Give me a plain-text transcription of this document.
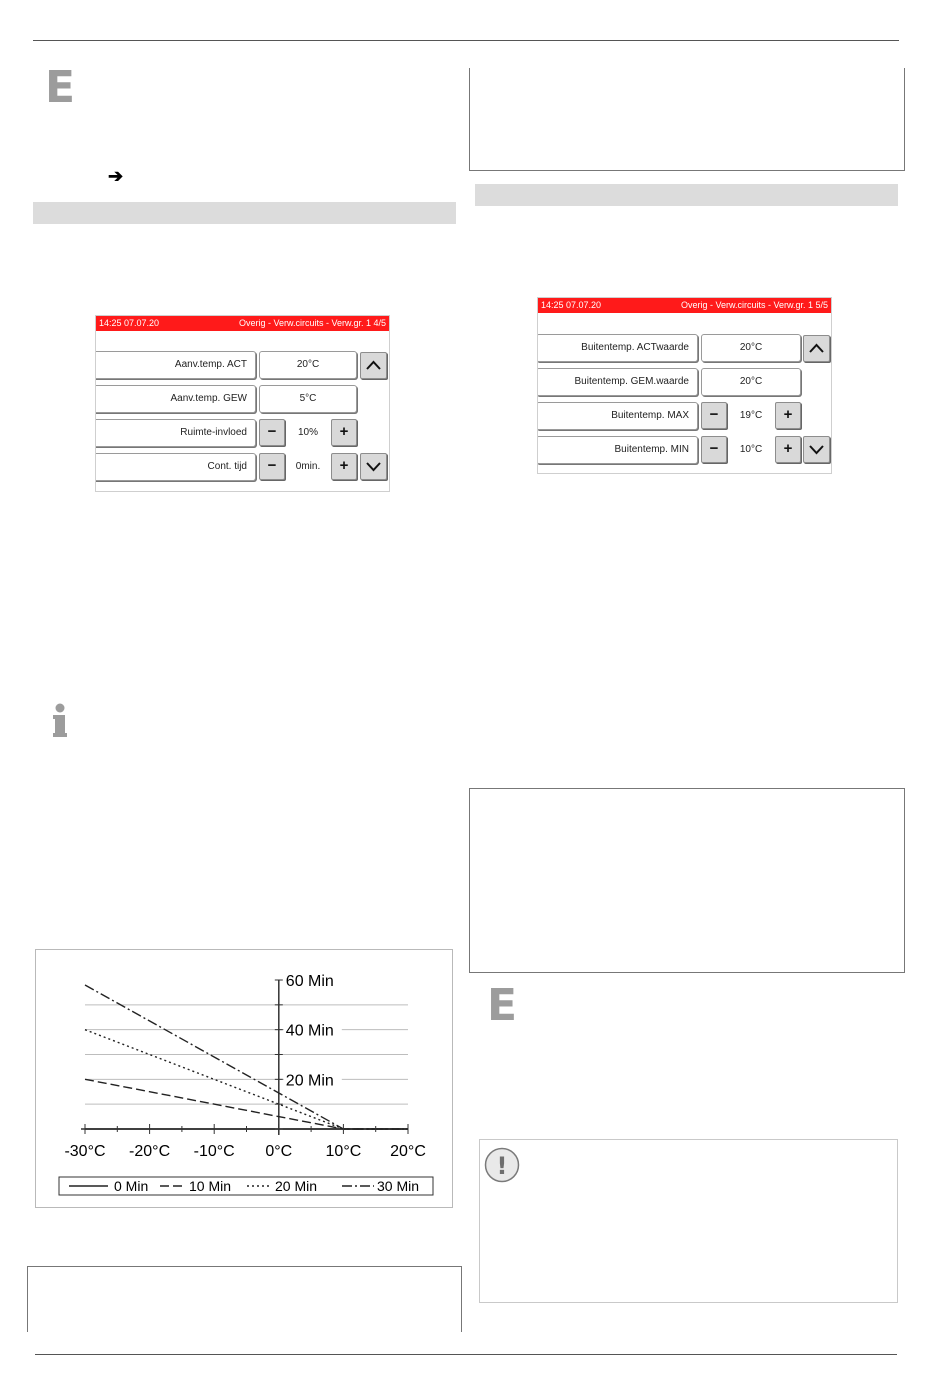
E
➔
14:25 07.07.20	Overig - Verw.circuits - Verw.gr. 1 4/5
Aanv.temp. ACT	20°C
Aanv.temp. GEW	5°C
Ruimte-invloed	−	10%	+
Cont. tijd	−	0min.	+
-30°C -20°C -10°C 0°C 10°C 20°C
20 Min
40 Min
60 Min
0 Min	10 Min	20 Min	30 Min
14:25 07.07.20	Overig - Verw.circuits - Verw.gr. 1 5/5
Buitentemp. ACTwaarde	20°C
Buitentemp. GEM.waarde	20°C
Buitentemp. MAX	−	19°C	+
Buitentemp. MIN	−	10°C	+
E
!
